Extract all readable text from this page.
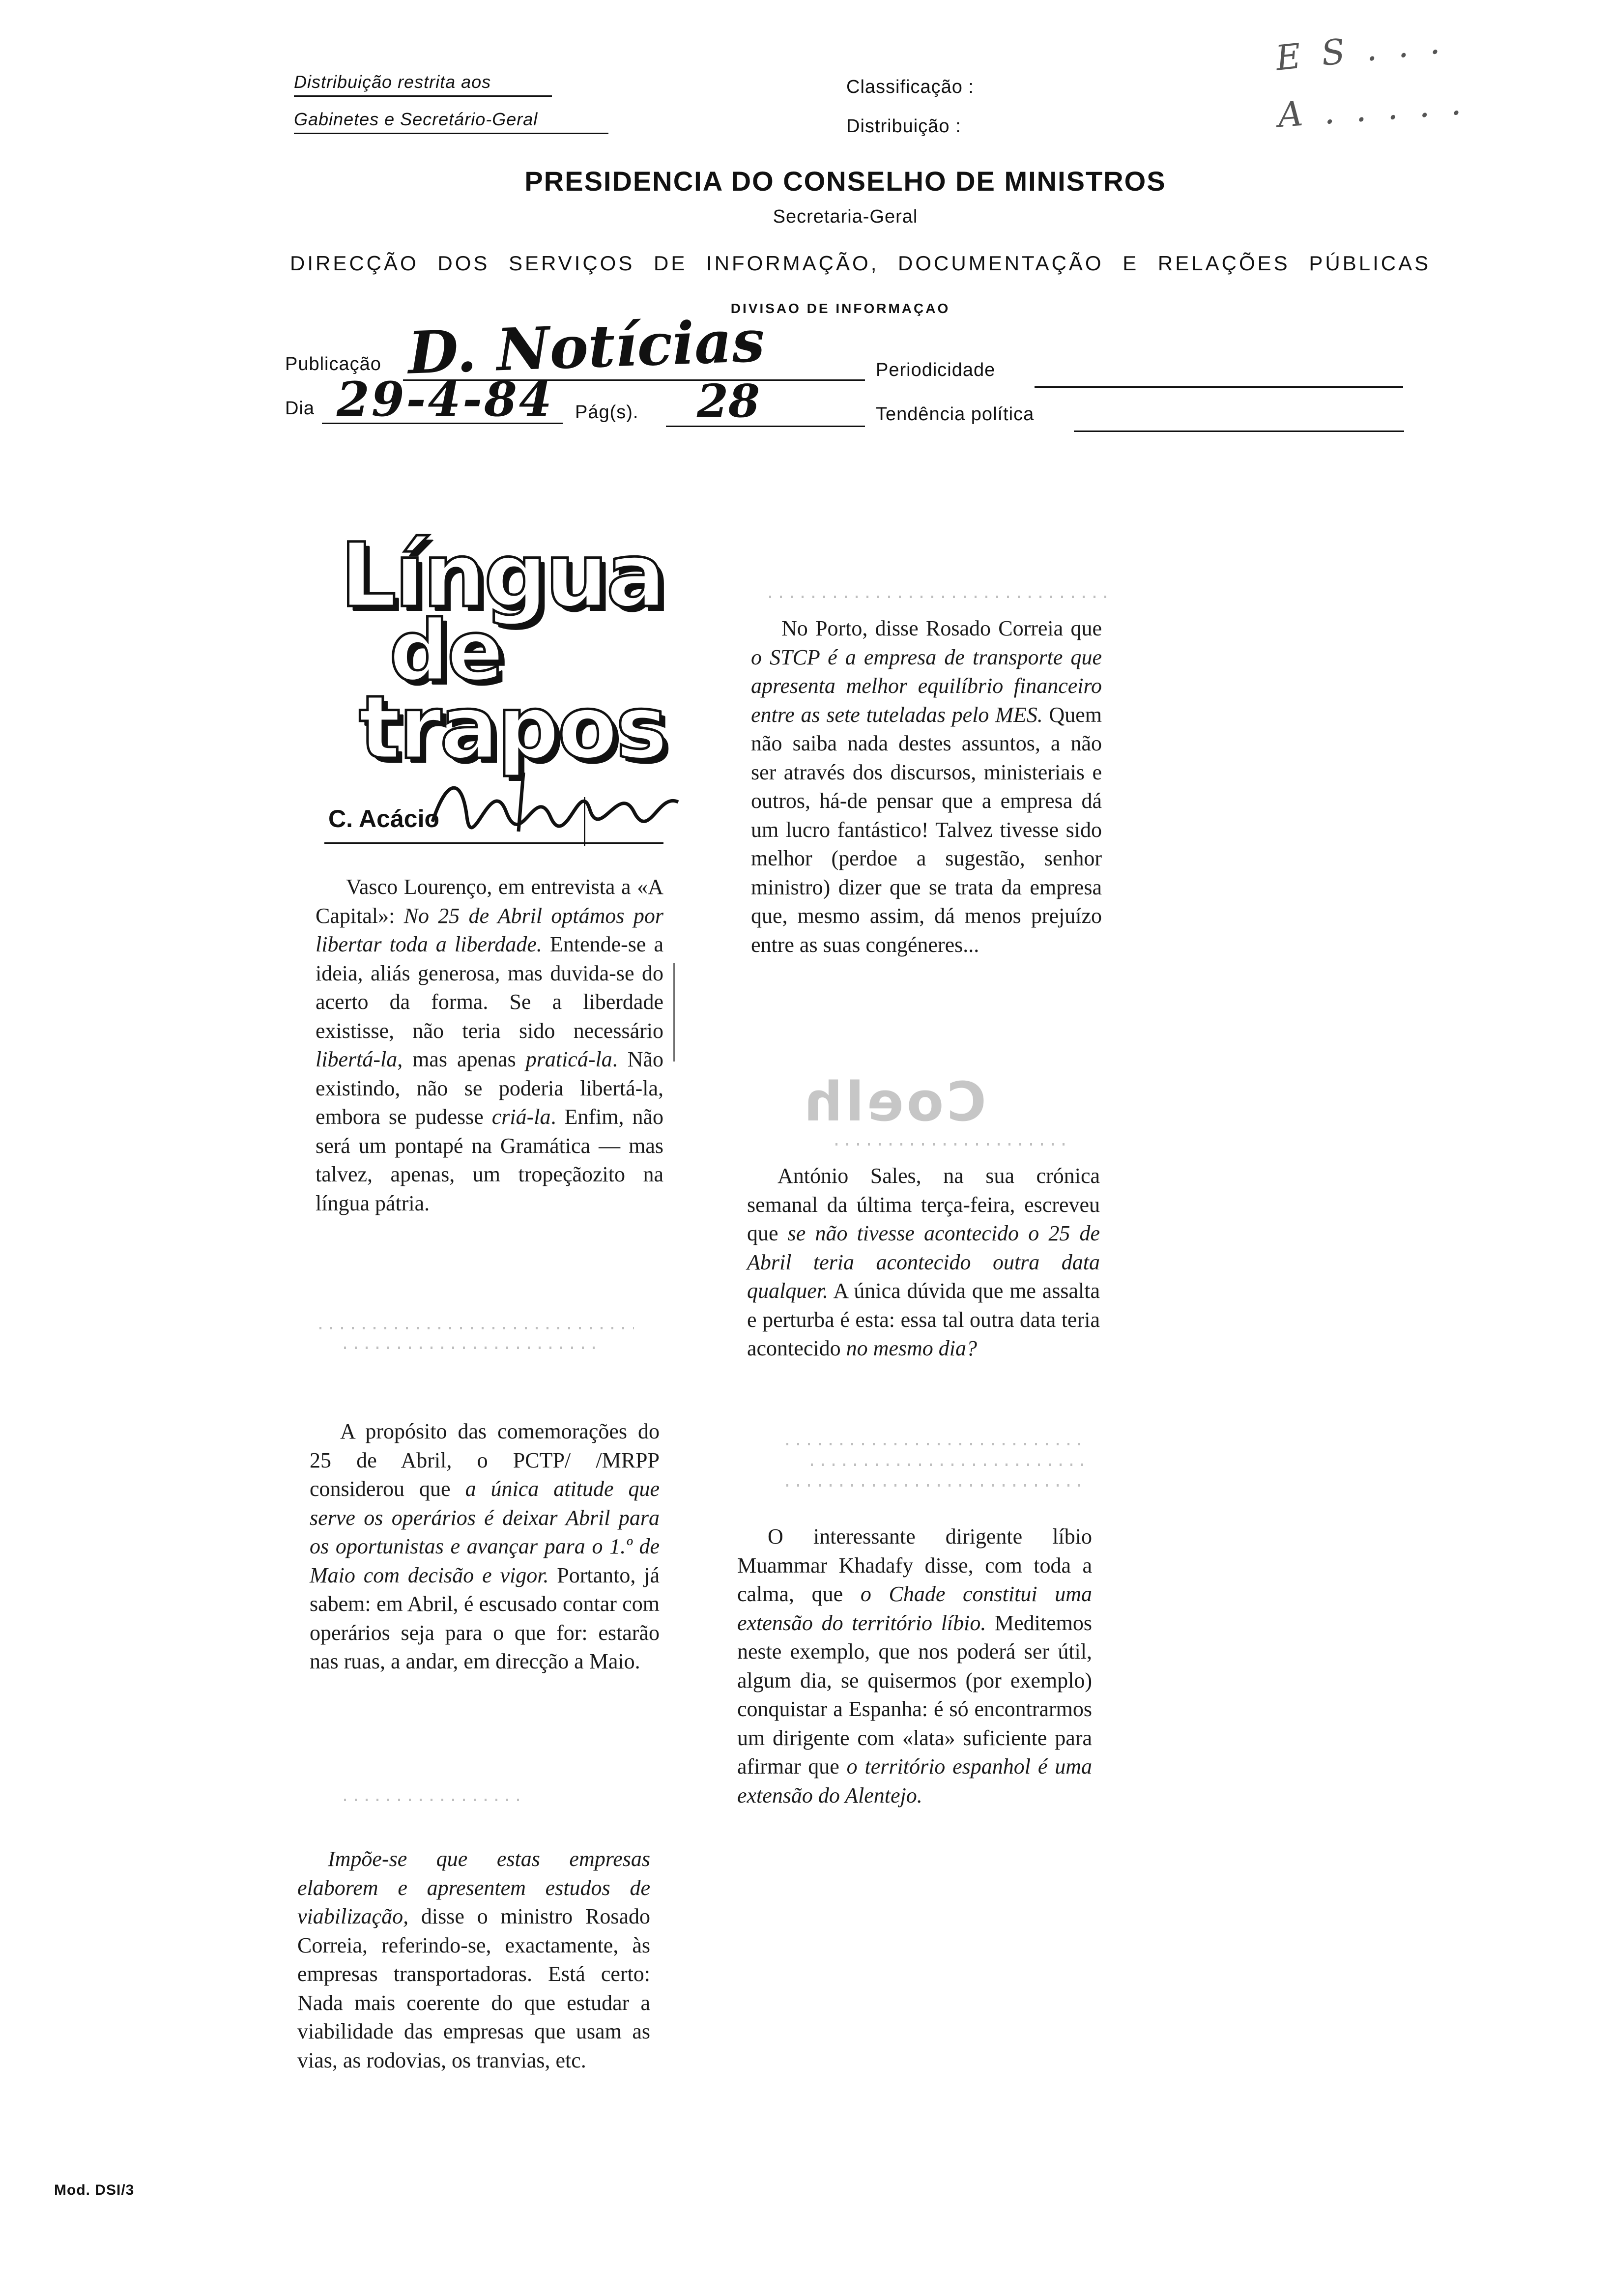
Distribuição restrita aos
Gabinetes e Secretário-Geral
Classificação :
Distribuição :
E S . . .
A . . . . .
PRESIDENCIA DO CONSELHO DE MINISTROS
Secretaria-Geral
DIRECÇÃO DOS SERVIÇOS DE INFORMAÇÃO, DOCUMENTAÇÃO E RELAÇÕES PÚBLICAS
DIVISAO DE INFORMAÇAO
Publicação D. Notícias	Periodicidade
Dia 29-4-84 Pág(s). 28	Tendência política
Língua
de
trapos
C. Acácio

Vasco Lourenço, em entrevista a «A Capital»: No 25 de Abril optámos por libertar toda a liberdade. Entende-se a ideia, aliás generosa, mas duvida-se do acerto da forma. Se a liberdade existisse, não teria sido necessário libertá-la, mas apenas praticá-la. Não existindo, não se poderia libertá-la, embora se pudesse criá-la. Enfim, não será um pontapé na Gramática — mas talvez, apenas, um tropeçãozito na língua pátria.

A propósito das comemorações do 25 de Abril, o PCTP/ /MRPP considerou que a única atitude que serve os operários é deixar Abril para os oportunistas e avançar para o 1.º de Maio com decisão e vigor. Portanto, já sabem: em Abril, é escusado contar com operários seja para o que for: estarão nas ruas, a andar, em direcção a Maio.

Impõe-se que estas empresas elaborem e apresentem estudos de viabilização, disse o ministro Rosado Correia, referindo-se, exactamente, às empresas transportadoras. Está certo: Nada mais coerente do que estudar a viabilidade das empresas que usam as vias, as rodovias, os tranvias, etc.

No Porto, disse Rosado Correia que o STCP é a empresa de transporte que apresenta melhor equilíbrio financeiro entre as sete tuteladas pelo MES. Quem não saiba nada destes assuntos, a não ser através dos discursos, ministeriais e outros, há-de pensar que a empresa dá um lucro fantástico! Talvez tivesse sido melhor (perdoe a sugestão, senhor ministro) dizer que se trata da empresa que, mesmo assim, dá menos prejuízo entre as suas congéneres...

Coelh

António Sales, na sua crónica semanal da última terça-feira, escreveu que se não tivesse acontecido o 25 de Abril teria acontecido outra data qualquer. A única dúvida que me assalta e perturba é esta: essa tal outra data teria acontecido no mesmo dia?

O interessante dirigente líbio Muammar Khadafy disse, com toda a calma, que o Chade constitui uma extensão do território líbio. Meditemos neste exemplo, que nos poderá ser útil, algum dia, se quisermos (por exemplo) conquistar a Espanha: é só encontrarmos um dirigente com «lata» suficiente para afirmar que o território espanhol é uma extensão do Alentejo.

Mod. DSI/3
